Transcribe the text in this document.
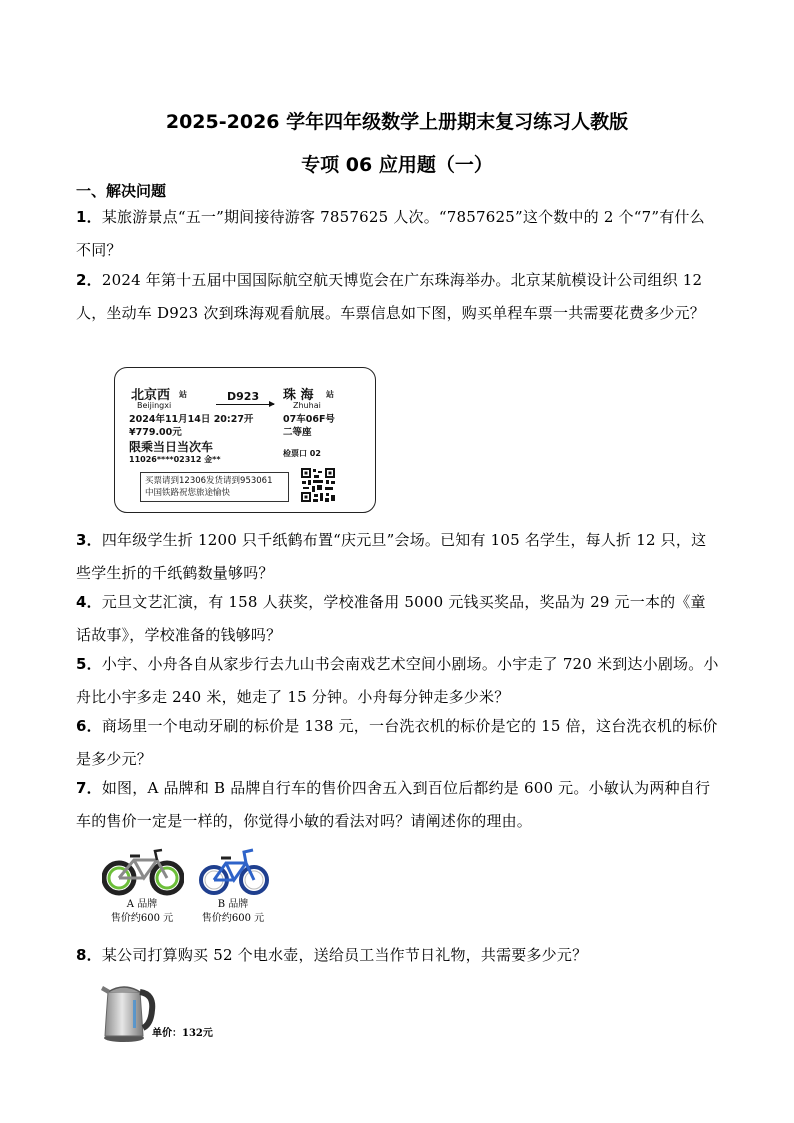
2025-2026 学年四年级数学上册期末复习练习人教版
专项 06 应用题（一）
一、解决问题
1．某旅游景点“五一”期间接待游客 7857625 人次。“7857625”这个数中的 2 个“7”有什么不同？
2．2024 年第十五届中国国际航空航天博览会在广东珠海举办。北京某航模设计公司组织 12 人，坐动车 D923 次到珠海观看航展。车票信息如下图，购买单程车票一共需要花费多少元？
北京西 站
Beijingxi
D923 珠 海 站
Zhuhai
2024年11月14日 20:27开	07车06F号
¥779.00元	二等座
限乘当日当次车
11026****02312 金**
检票口 02
买票请到12306发货请到953061
中国铁路祝您旅途愉快
3．四年级学生折 1200 只千纸鹤布置“庆元旦”会场。已知有 105 名学生，每人折 12 只，这些学生折的千纸鹤数量够吗？
4．元旦文艺汇演，有 158 人获奖，学校准备用 5000 元钱买奖品，奖品为 29 元一本的《童话故事》，学校准备的钱够吗？
5．小宇、小舟各自从家步行去九山书会南戏艺术空间小剧场。小宇走了 720 米到达小剧场。小舟比小宇多走 240 米，她走了 15 分钟。小舟每分钟走多少米？
6．商场里一个电动牙刷的标价是 138 元，一台洗衣机的标价是它的 15 倍，这台洗衣机的标价是多少元？
7．如图，A 品牌和 B 品牌自行车的售价四舍五入到百位后都约是 600 元。小敏认为两种自行车的售价一定是一样的，你觉得小敏的看法对吗？请阐述你的理由。
A 品牌
售价约600 元
B 品牌
售价约600 元
8．某公司打算购买 52 个电水壶，送给员工当作节日礼物，共需要多少元？
单价：132元
